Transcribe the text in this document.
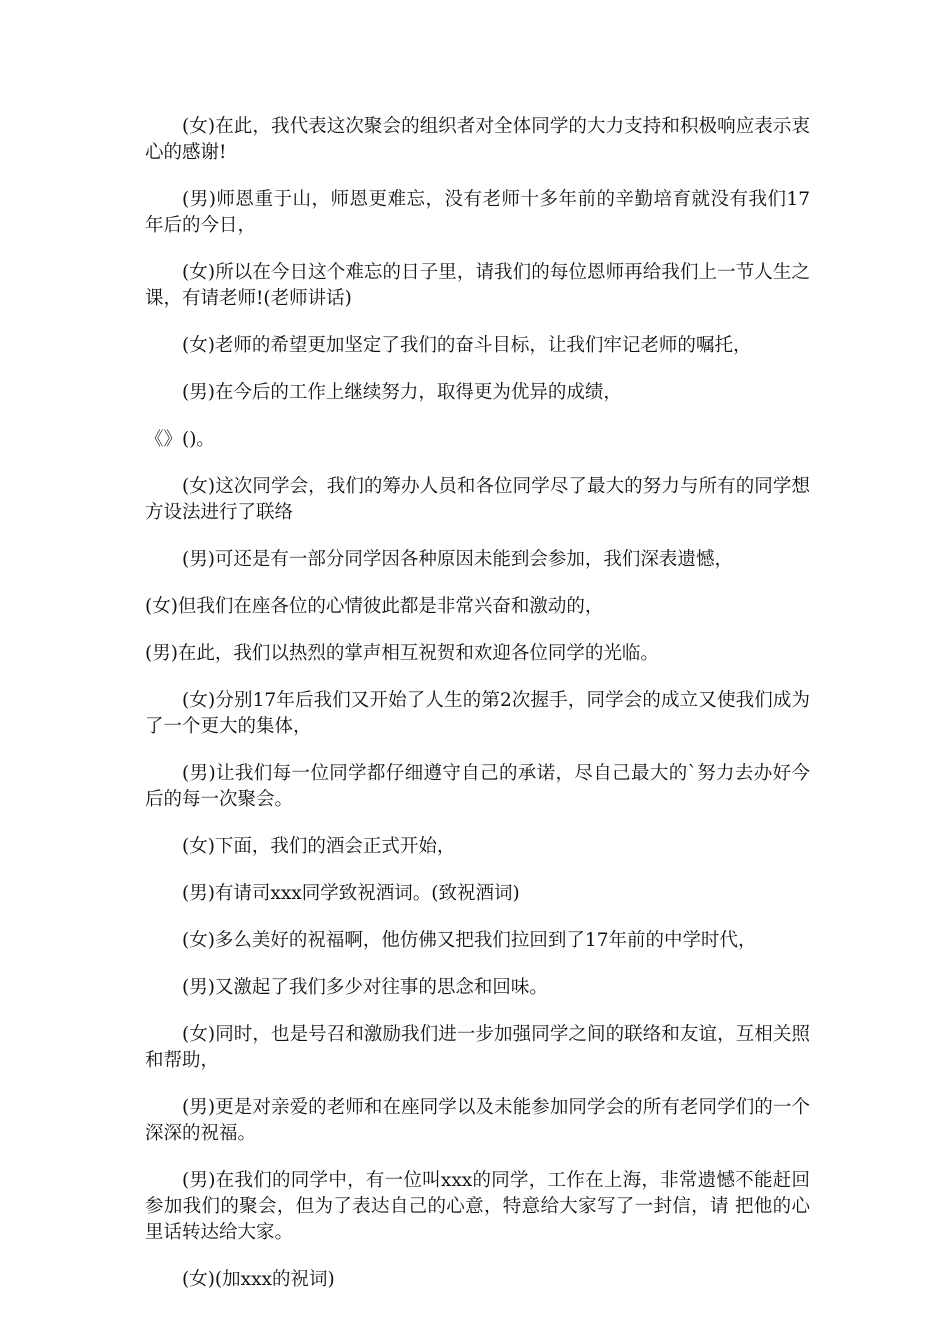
(女)在此，我代表这次聚会的组织者对全体同学的大力支持和积极响应表示衷心的感谢!

(男)师恩重于山，师恩更难忘，没有老师十多年前的辛勤培育就没有我们17年后的今日，

(女)所以在今日这个难忘的日子里，请我们的每位恩师再给我们上一节人生之课，有请老师!(老师讲话)

(女)老师的希望更加坚定了我们的奋斗目标，让我们牢记老师的嘱托，

(男)在今后的工作上继续努力，取得更为优异的成绩，

《》()。

(女)这次同学会，我们的筹办人员和各位同学尽了最大的努力与所有的同学想方设法进行了联络

(男)可还是有一部分同学因各种原因未能到会参加，我们深表遗憾，

(女)但我们在座各位的心情彼此都是非常兴奋和激动的，

(男)在此，我们以热烈的掌声相互祝贺和欢迎各位同学的光临。

(女)分别17年后我们又开始了人生的第2次握手，同学会的成立又使我们成为了一个更大的集体，

(男)让我们每一位同学都仔细遵守自己的承诺，尽自己最大的`努力去办好今后的每一次聚会。

(女)下面，我们的酒会正式开始，

(男)有请司xxx同学致祝酒词。(致祝酒词)

(女)多么美好的祝福啊，他仿佛又把我们拉回到了17年前的中学时代，

(男)又激起了我们多少对往事的思念和回味。

(女)同时，也是号召和激励我们进一步加强同学之间的联络和友谊，互相关照和帮助，

(男)更是对亲爱的老师和在座同学以及未能参加同学会的所有老同学们的一个深深的祝福。

(男)在我们的同学中，有一位叫xxx的同学，工作在上海，非常遗憾不能赶回参加我们的聚会，但为了表达自己的心意，特意给大家写了一封信，请 把他的心里话转达给大家。

(女)(加xxx的祝词)
